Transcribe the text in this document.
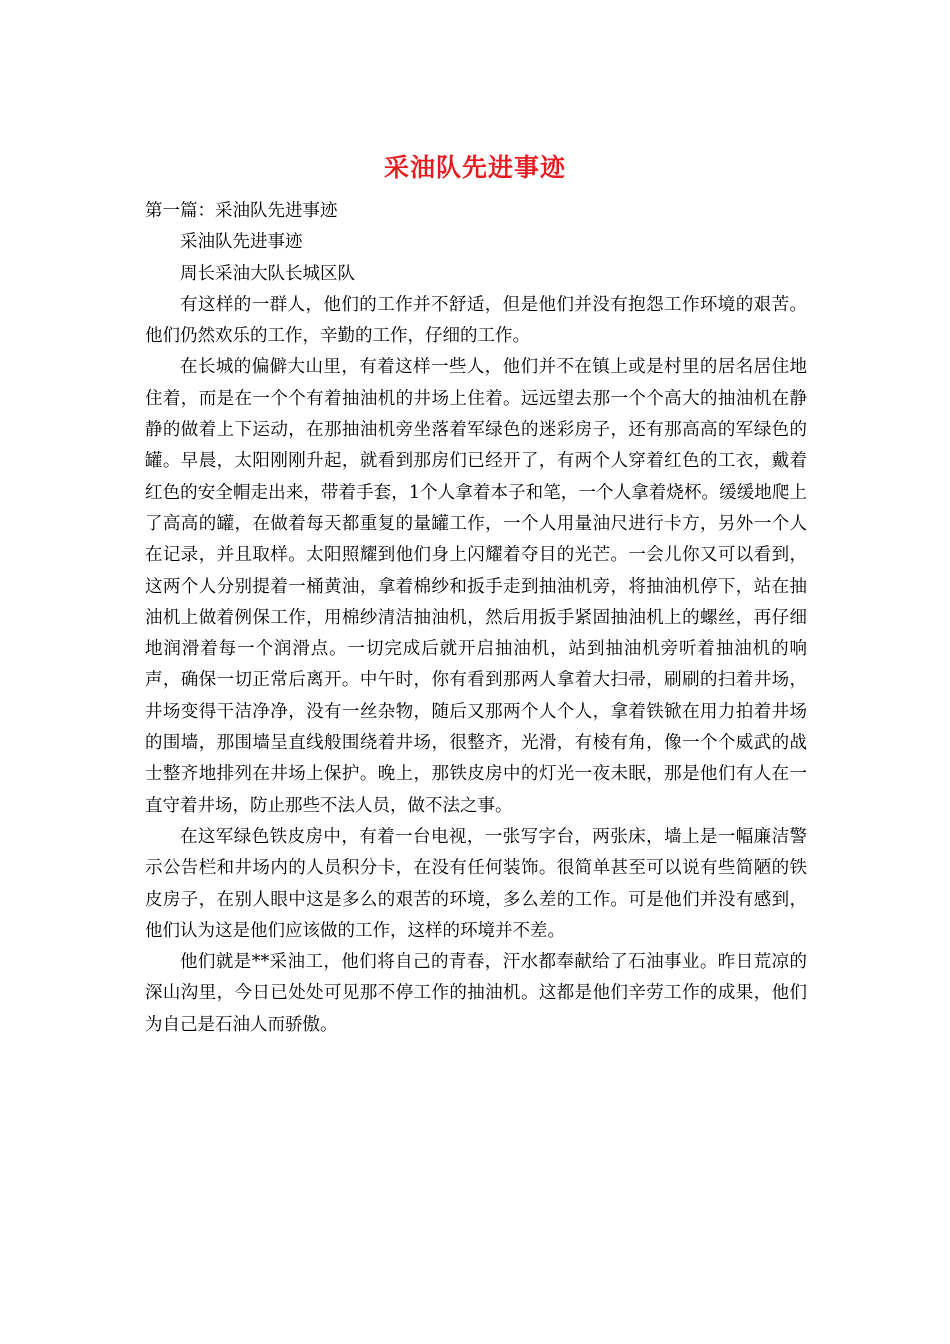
采油队先进事迹

第一篇：采油队先进事迹

采油队先进事迹

周长采油大队长城区队

有这样的一群人，他们的工作并不舒适，但是他们并没有抱怨工作环境的艰苦。他们仍然欢乐的工作，辛勤的工作，仔细的工作。

在长城的偏僻大山里，有着这样一些人，他们并不在镇上或是村里的居名居住地住着，而是在一个个有着抽油机的井场上住着。远远望去那一个个高大的抽油机在静静的做着上下运动，在那抽油机旁坐落着军绿色的迷彩房子，还有那高高的军绿色的罐。早晨，太阳刚刚升起，就看到那房们已经开了，有两个人穿着红色的工衣，戴着红色的安全帽走出来，带着手套，1个人拿着本子和笔，一个人拿着烧杯。缓缓地爬上了高高的罐，在做着每天都重复的量罐工作，一个人用量油尺进行卡方，另外一个人在记录，并且取样。太阳照耀到他们身上闪耀着夺目的光芒。一会儿你又可以看到，这两个人分别提着一桶黄油，拿着棉纱和扳手走到抽油机旁，将抽油机停下，站在抽油机上做着例保工作，用棉纱清洁抽油机，然后用扳手紧固抽油机上的螺丝，再仔细地润滑着每一个润滑点。一切完成后就开启抽油机，站到抽油机旁听着抽油机的响声，确保一切正常后离开。中午时，你有看到那两人拿着大扫帚，刷刷的扫着井场，井场变得干洁净净，没有一丝杂物，随后又那两个人个人，拿着铁锨在用力拍着井场的围墙，那围墙呈直线般围绕着井场，很整齐，光滑，有棱有角，像一个个威武的战士整齐地排列在井场上保护。晚上，那铁皮房中的灯光一夜未眠，那是他们有人在一直守着井场，防止那些不法人员，做不法之事。

在这军绿色铁皮房中，有着一台电视，一张写字台，两张床，墙上是一幅廉洁警示公告栏和井场内的人员积分卡，在没有任何装饰。很简单甚至可以说有些简陋的铁皮房子，在别人眼中这是多么的艰苦的环境，多么差的工作。可是他们并没有感到，他们认为这是他们应该做的工作，这样的环境并不差。

他们就是**采油工，他们将自己的青春，汗水都奉献给了石油事业。昨日荒凉的深山沟里，今日已处处可见那不停工作的抽油机。这都是他们辛劳工作的成果，他们为自己是石油人而骄傲。
